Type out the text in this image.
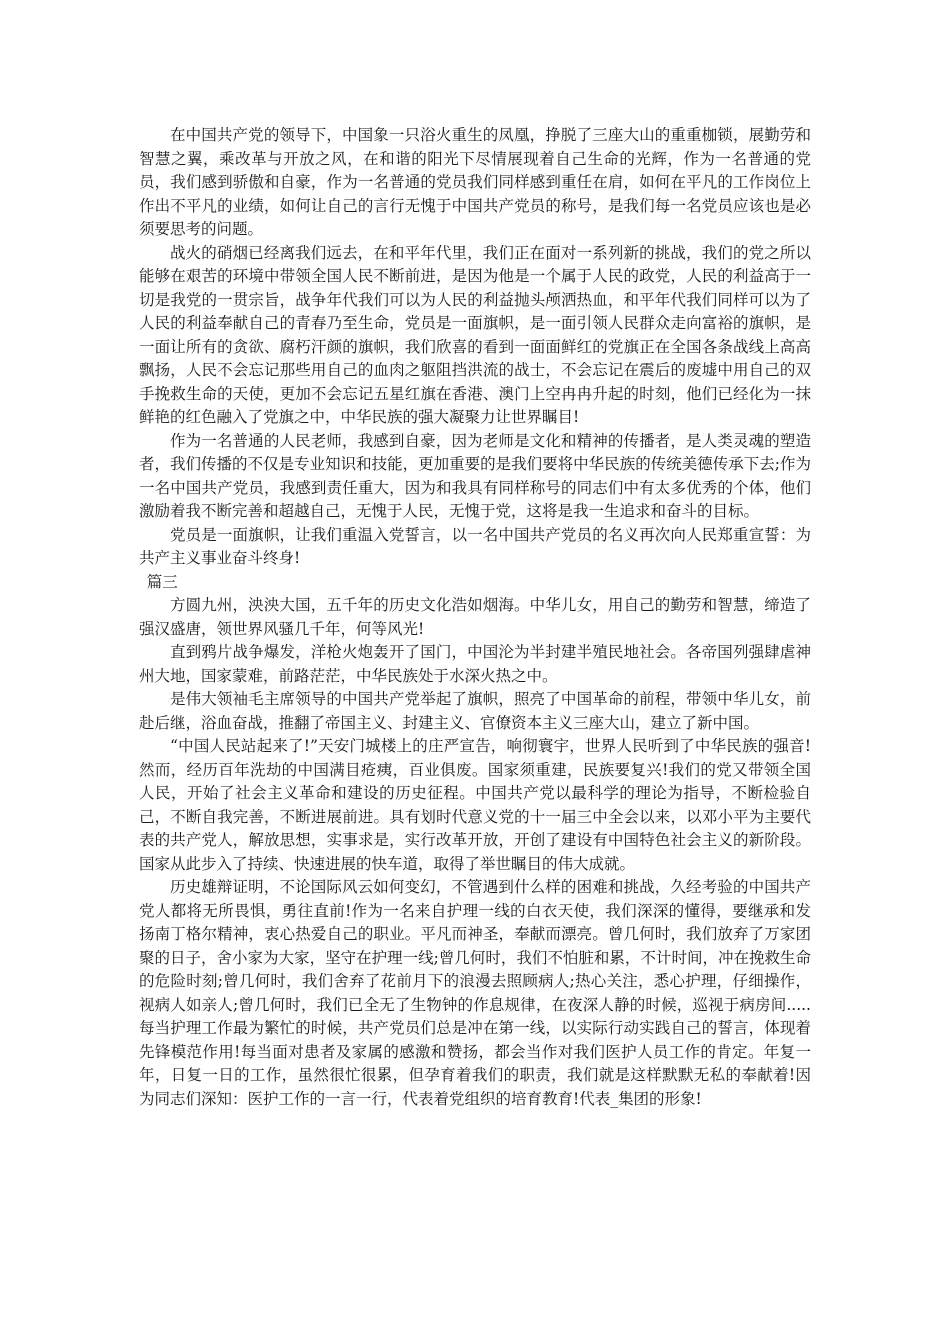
在中国共产党的领导下，中国象一只浴火重生的凤凰，挣脱了三座大山的重重枷锁，展勤劳和智慧之翼，乘改革与开放之风，在和谐的阳光下尽情展现着自己生命的光辉，作为一名普通的党员，我们感到骄傲和自豪，作为一名普通的党员我们同样感到重任在肩，如何在平凡的工作岗位上作出不平凡的业绩，如何让自己的言行无愧于中国共产党员的称号，是我们每一名党员应该也是必须要思考的问题。

战火的硝烟已经离我们远去，在和平年代里，我们正在面对一系列新的挑战，我们的党之所以能够在艰苦的环境中带领全国人民不断前进，是因为他是一个属于人民的政党，人民的利益高于一切是我党的一贯宗旨，战争年代我们可以为人民的利益抛头颅洒热血，和平年代我们同样可以为了人民的利益奉献自己的青春乃至生命，党员是一面旗帜，是一面引领人民群众走向富裕的旗帜，是一面让所有的贪欲、腐朽汗颜的旗帜，我们欣喜的看到一面面鲜红的党旗正在全国各条战线上高高飘扬，人民不会忘记那些用自己的血肉之躯阻挡洪流的战士，不会忘记在震后的废墟中用自己的双手挽救生命的天使，更加不会忘记五星红旗在香港、澳门上空冉冉升起的时刻，他们已经化为一抹鲜艳的红色融入了党旗之中，中华民族的强大凝聚力让世界瞩目!

作为一名普通的人民老师，我感到自豪，因为老师是文化和精神的传播者，是人类灵魂的塑造者，我们传播的不仅是专业知识和技能，更加重要的是我们要将中华民族的传统美德传承下去;作为一名中国共产党员，我感到责任重大，因为和我具有同样称号的同志们中有太多优秀的个体，他们激励着我不断完善和超越自己，无愧于人民，无愧于党，这将是我一生追求和奋斗的目标。

党员是一面旗帜，让我们重温入党誓言，以一名中国共产党员的名义再次向人民郑重宣誓：为共产主义事业奋斗终身!

篇三

方圆九州，泱泱大国，五千年的历史文化浩如烟海。中华儿女，用自己的勤劳和智慧，缔造了强汉盛唐，领世界风骚几千年，何等风光!

直到鸦片战争爆发，洋枪火炮轰开了国门，中国沦为半封建半殖民地社会。各帝国列强肆虐神州大地，国家蒙难，前路茫茫，中华民族处于水深火热之中。

是伟大领袖毛主席领导的中国共产党举起了旗帜，照亮了中国革命的前程，带领中华儿女，前赴后继，浴血奋战，推翻了帝国主义、封建主义、官僚资本主义三座大山，建立了新中国。

“中国人民站起来了!”天安门城楼上的庄严宣告，响彻寰宇，世界人民听到了中华民族的强音! 然而，经历百年洗劫的中国满目疮痍，百业俱废。国家须重建，民族要复兴!我们的党又带领全国人民，开始了社会主义革命和建设的历史征程。中国共产党以最科学的理论为指导，不断检验自己，不断自我完善，不断进展前进。具有划时代意义党的十一届三中全会以来，以邓小平为主要代表的共产党人，解放思想，实事求是，实行改革开放，开创了建设有中国特色社会主义的新阶段。国家从此步入了持续、快速进展的快车道，取得了举世瞩目的伟大成就。

历史雄辩证明，不论国际风云如何变幻，不管遇到什么样的困难和挑战，久经考验的中国共产党人都将无所畏惧，勇往直前!作为一名来自护理一线的白衣天使，我们深深的懂得，要继承和发扬南丁格尔精神，衷心热爱自己的职业。平凡而神圣，奉献而漂亮。曾几何时，我们放弃了万家团聚的日子，舍小家为大家，坚守在护理一线;曾几何时，我们不怕脏和累，不计时间，冲在挽救生命的危险时刻;曾几何时，我们舍弃了花前月下的浪漫去照顾病人;热心关注，悉心护理，仔细操作，视病人如亲人;曾几何时，我们已全无了生物钟的作息规律，在夜深人静的时候，巡视于病房间.....每当护理工作最为繁忙的时候，共产党员们总是冲在第一线，以实际行动实践自己的誓言，体现着先锋模范作用!每当面对患者及家属的感激和赞扬，都会当作对我们医护人员工作的肯定。年复一年，日复一日的工作，虽然很忙很累，但孕育着我们的职责，我们就是这样默默无私的奉献着!因为同志们深知：医护工作的一言一行，代表着党组织的培育教育!代表_集团的形象!
